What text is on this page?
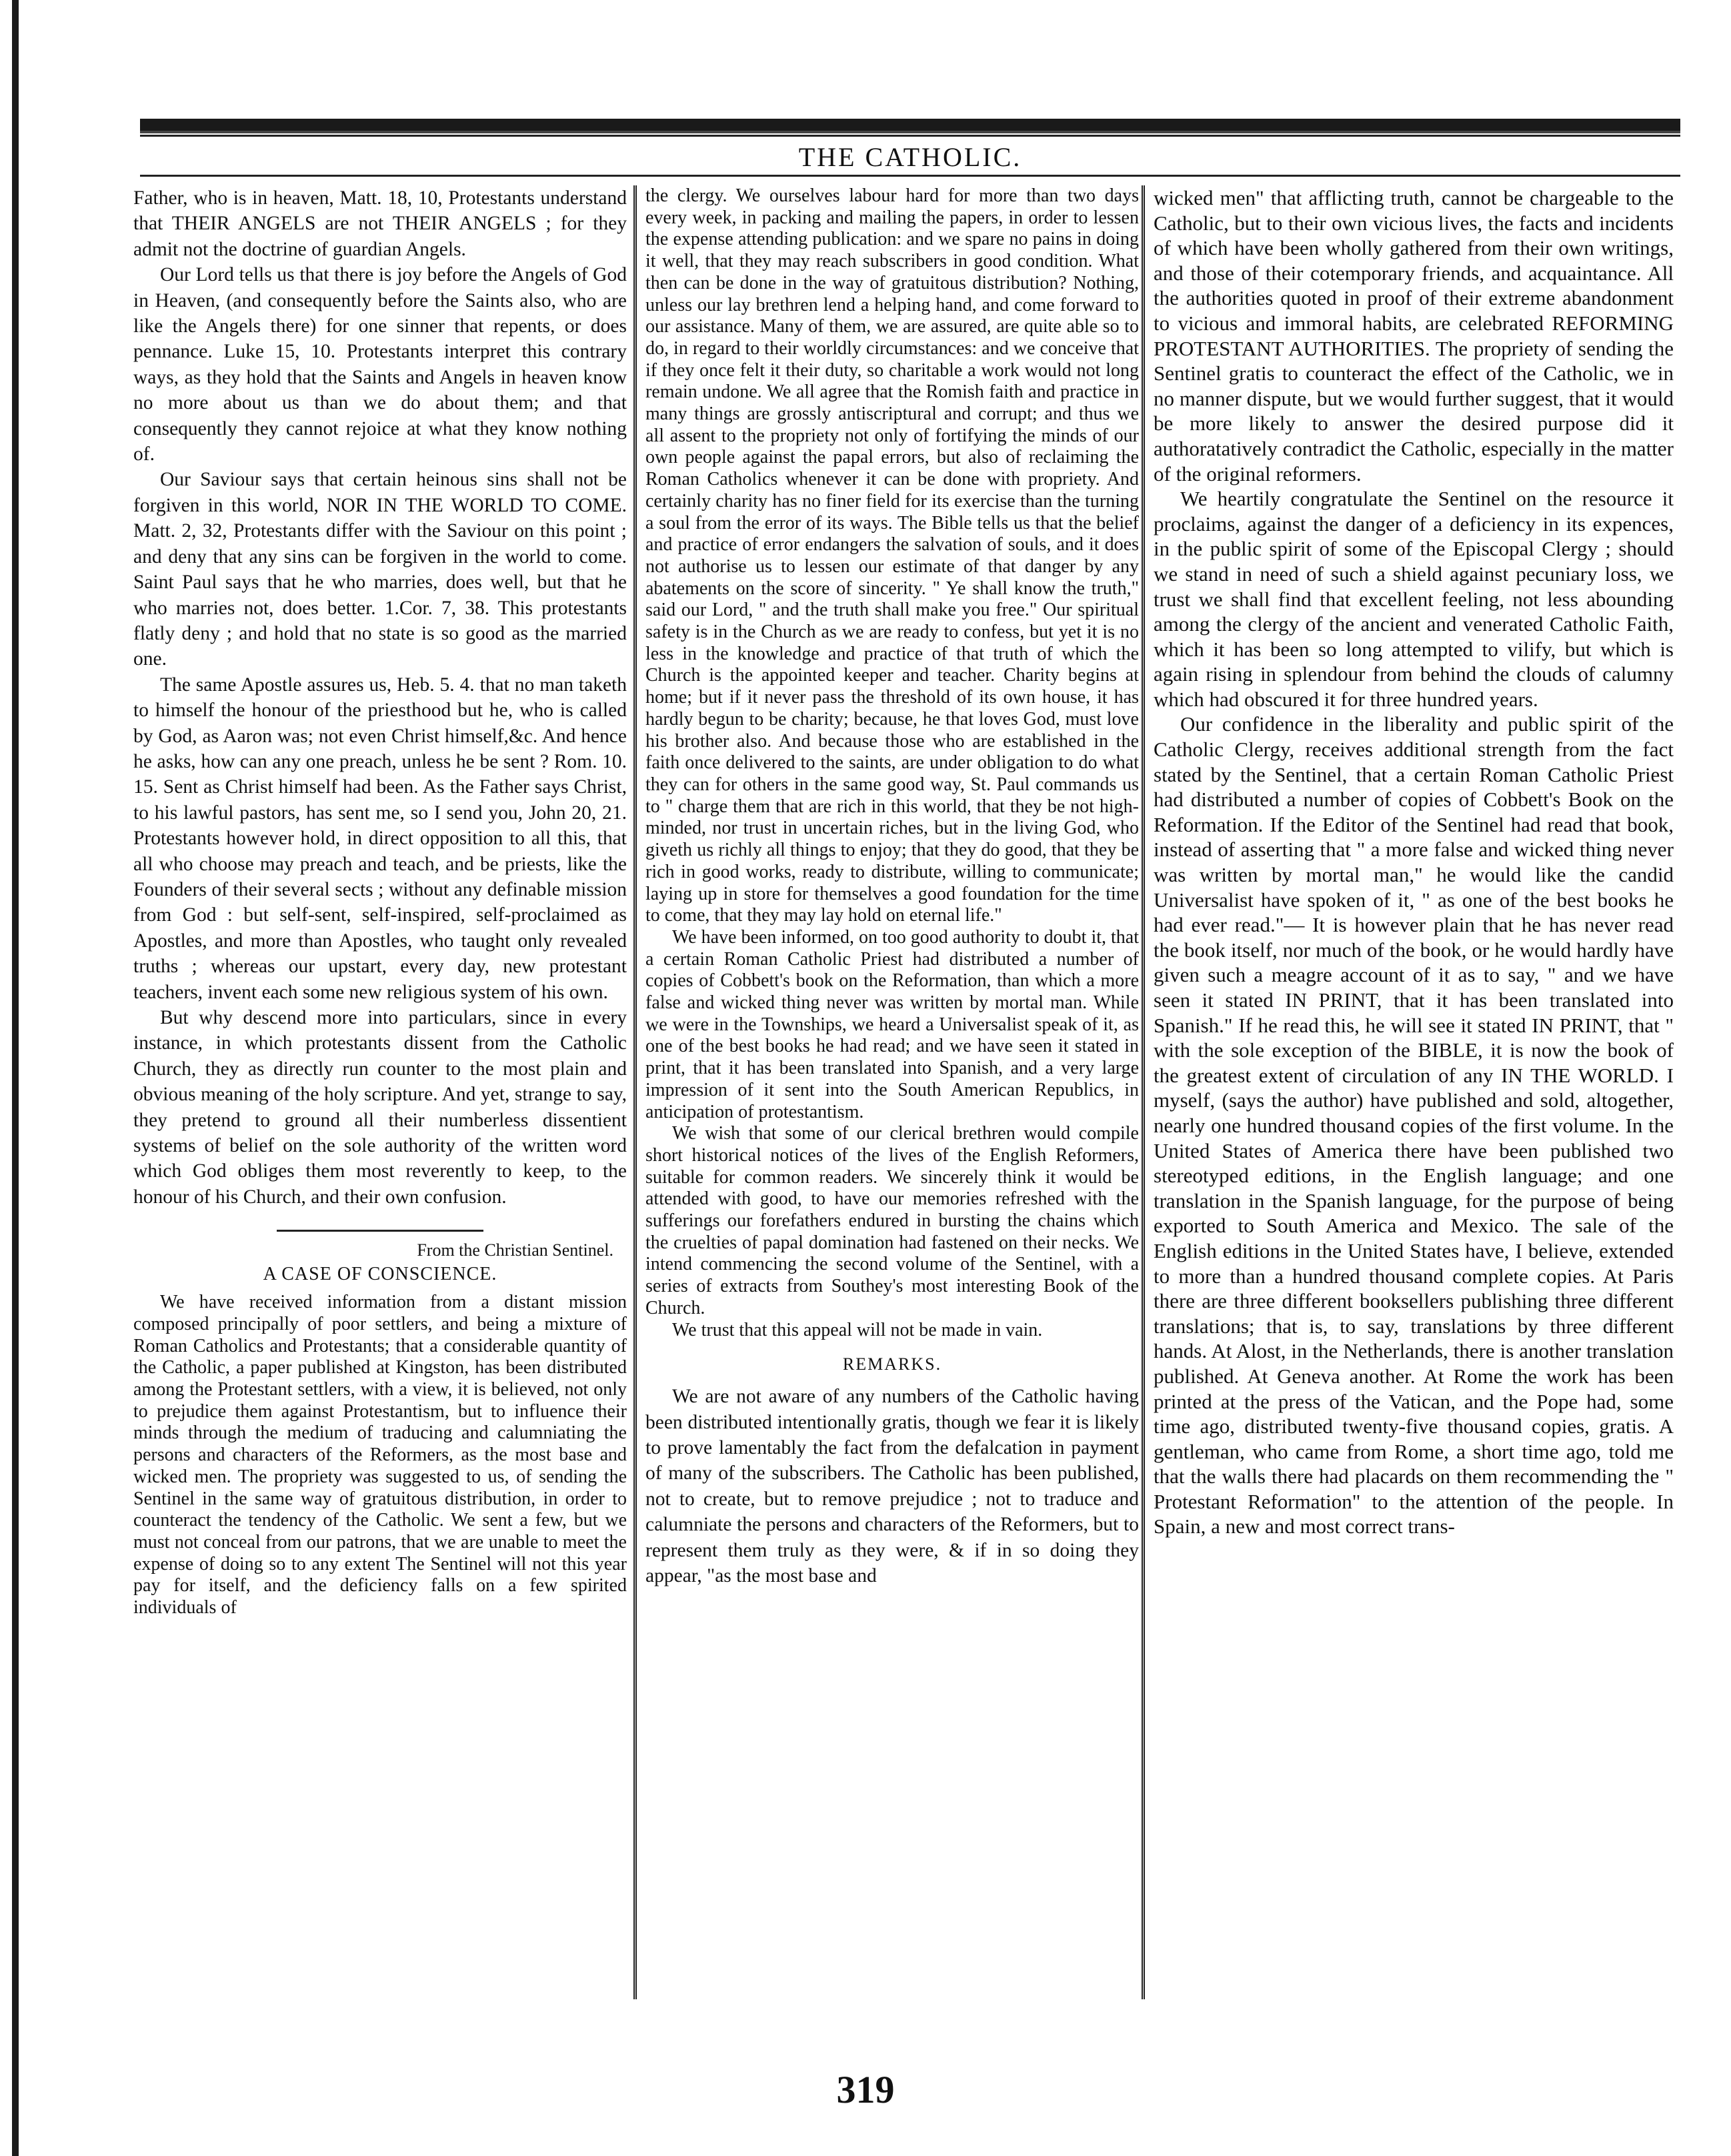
THE CATHOLIC.

Father, who is in heaven, Matt. 18, 10, Protestants understand that THEIR ANGELS are not THEIR ANGELS ; for they admit not the doctrine of guardian Angels.

Our Lord tells us that there is joy before the Angels of God in Heaven, (and consequently before the Saints also, who are like the Angels there) for one sinner that repents, or does pennance. Luke 15, 10. Protestants interpret this contrary ways, as they hold that the Saints and Angels in heaven know no more about us than we do about them; and that consequently they cannot rejoice at what they know nothing of.

Our Saviour says that certain heinous sins shall not be forgiven in this world, NOR IN THE WORLD TO COME. Matt. 2, 32, Protestants differ with the Saviour on this point ; and deny that any sins can be forgiven in the world to come. Saint Paul says that he who marries, does well, but that he who marries not, does better. 1.Cor. 7, 38. This protestants flatly deny ; and hold that no state is so good as the married one.

The same Apostle assures us, Heb. 5. 4. that no man taketh to himself the honour of the priesthood but he, who is called by God, as Aaron was; not even Christ himself,&c. And hence he asks, how can any one preach, unless he be sent ? Rom. 10. 15. Sent as Christ himself had been. As the Father says Christ, to his lawful pastors, has sent me, so I send you, John 20, 21. Protestants however hold, in direct opposition to all this, that all who choose may preach and teach, and be priests, like the Founders of their several sects ; without any definable mission from God : but self-sent, self-inspired, self-proclaimed as Apostles, and more than Apostles, who taught only revealed truths ; whereas our upstart, every day, new protestant teachers, invent each some new religious system of his own.

But why descend more into particulars, since in every instance, in which protestants dissent from the Catholic Church, they as directly run counter to the most plain and obvious meaning of the holy scripture. And yet, strange to say, they pretend to ground all their numberless dissentient systems of belief on the sole authority of the written word which God obliges them most reverently to keep, to the honour of his Church, and their own confusion.

From the Christian Sentinel.
A CASE OF CONSCIENCE.

We have received information from a distant mission composed principally of poor settlers, and being a mixture of Roman Catholics and Protestants; that a considerable quantity of the Catholic, a paper published at Kingston, has been distributed among the Protestant settlers, with a view, it is believed, not only to prejudice them against Protestantism, but to influence their minds through the medium of traducing and calumniating the persons and characters of the Reformers, as the most base and wicked men. The propriety was suggested to us, of sending the Sentinel in the same way of gratuitous distribution, in order to counteract the tendency of the Catholic. We sent a few, but we must not conceal from our patrons, that we are unable to meet the expense of doing so to any extent The Sentinel will not this year pay for itself, and the deficiency falls on a few spirited individuals of

the clergy. We ourselves labour hard for more than two days every week, in packing and mailing the papers, in order to lessen the expense attending publication: and we spare no pains in doing it well, that they may reach subscribers in good condition. What then can be done in the way of gratuitous distribution? Nothing, unless our lay brethren lend a helping hand, and come forward to our assistance. Many of them, we are assured, are quite able so to do, in regard to their worldly circumstances: and we conceive that if they once felt it their duty, so charitable a work would not long remain undone. We all agree that the Romish faith and practice in many things are grossly antiscriptural and corrupt; and thus we all assent to the propriety not only of fortifying the minds of our own people against the papal errors, but also of reclaiming the Roman Catholics whenever it can be done with propriety. And certainly charity has no finer field for its exercise than the turning a soul from the error of its ways. The Bible tells us that the belief and practice of error endangers the salvation of souls, and it does not authorise us to lessen our estimate of that danger by any abatements on the score of sincerity. " Ye shall know the truth," said our Lord, " and the truth shall make you free." Our spiritual safety is in the Church as we are ready to confess, but yet it is no less in the knowledge and practice of that truth of which the Church is the appointed keeper and teacher. Charity begins at home; but if it never pass the threshold of its own house, it has hardly begun to be charity; because, he that loves God, must love his brother also. And because those who are established in the faith once delivered to the saints, are under obligation to do what they can for others in the same good way, St. Paul commands us to " charge them that are rich in this world, that they be not high-minded, nor trust in uncertain riches, but in the living God, who giveth us richly all things to enjoy; that they do good, that they be rich in good works, ready to distribute, willing to communicate; laying up in store for themselves a good foundation for the time to come, that they may lay hold on eternal life."

We have been informed, on too good authority to doubt it, that a certain Roman Catholic Priest had distributed a number of copies of Cobbett's book on the Reformation, than which a more false and wicked thing never was written by mortal man. While we were in the Townships, we heard a Universalist speak of it, as one of the best books he had read; and we have seen it stated in print, that it has been translated into Spanish, and a very large impression of it sent into the South American Republics, in anticipation of protestantism.

We wish that some of our clerical brethren would compile short historical notices of the lives of the English Reformers, suitable for common readers. We sincerely think it would be attended with good, to have our memories refreshed with the sufferings our forefathers endured in bursting the chains which the cruelties of papal domination had fastened on their necks. We intend commencing the second volume of the Sentinel, with a series of extracts from Southey's most interesting Book of the Church.

We trust that this appeal will not be made in vain.

REMARKS.

We are not aware of any numbers of the Catholic having been distributed intentionally gratis, though we fear it is likely to prove lamentably the fact from the defalcation in payment of many of the subscribers. The Catholic has been published, not to create, but to remove prejudice ; not to traduce and calumniate the persons and characters of the Reformers, but to represent them truly as they were, & if in so doing they appear, "as the most base and

wicked men" that afflicting truth, cannot be chargeable to the Catholic, but to their own vicious lives, the facts and incidents of which have been wholly gathered from their own writings, and those of their cotemporary friends, and acquaintance. All the authorities quoted in proof of their extreme abandonment to vicious and immoral habits, are celebrated REFORMING PROTESTANT AUTHORITIES. The propriety of sending the Sentinel gratis to counteract the effect of the Catholic, we in no manner dispute, but we would further suggest, that it would be more likely to answer the desired purpose did it authoratatively contradict the Catholic, especially in the matter of the original reformers.

We heartily congratulate the Sentinel on the resource it proclaims, against the danger of a deficiency in its expences, in the public spirit of some of the Episcopal Clergy ; should we stand in need of such a shield against pecuniary loss, we trust we shall find that excellent feeling, not less abounding among the clergy of the ancient and venerated Catholic Faith, which it has been so long attempted to vilify, but which is again rising in splendour from behind the clouds of calumny which had obscured it for three hundred years.

Our confidence in the liberality and public spirit of the Catholic Clergy, receives additional strength from the fact stated by the Sentinel, that a certain Roman Catholic Priest had distributed a number of copies of Cobbett's Book on the Reformation. If the Editor of the Sentinel had read that book, instead of asserting that " a more false and wicked thing never was written by mortal man," he would like the candid Universalist have spoken of it, " as one of the best books he had ever read."— It is however plain that he has never read the book itself, nor much of the book, or he would hardly have given such a meagre account of it as to say, " and we have seen it stated IN PRINT, that it has been translated into Spanish." If he read this, he will see it stated IN PRINT, that " with the sole exception of the BIBLE, it is now the book of the greatest extent of circulation of any IN THE WORLD. I myself, (says the author) have published and sold, altogether, nearly one hundred thousand copies of the first volume. In the United States of America there have been published two stereotyped editions, in the English language; and one translation in the Spanish language, for the purpose of being exported to South America and Mexico. The sale of the English editions in the United States have, I believe, extended to more than a hundred thousand complete copies. At Paris there are three different booksellers publishing three different translations; that is, to say, translations by three different hands. At Alost, in the Netherlands, there is another translation published. At Geneva another. At Rome the work has been printed at the press of the Vatican, and the Pope had, some time ago, distributed twenty-five thousand copies, gratis. A gentleman, who came from Rome, a short time ago, told me that the walls there had placards on them recommending the " Protestant Reformation" to the attention of the people. In Spain, a new and most correct trans-

319
